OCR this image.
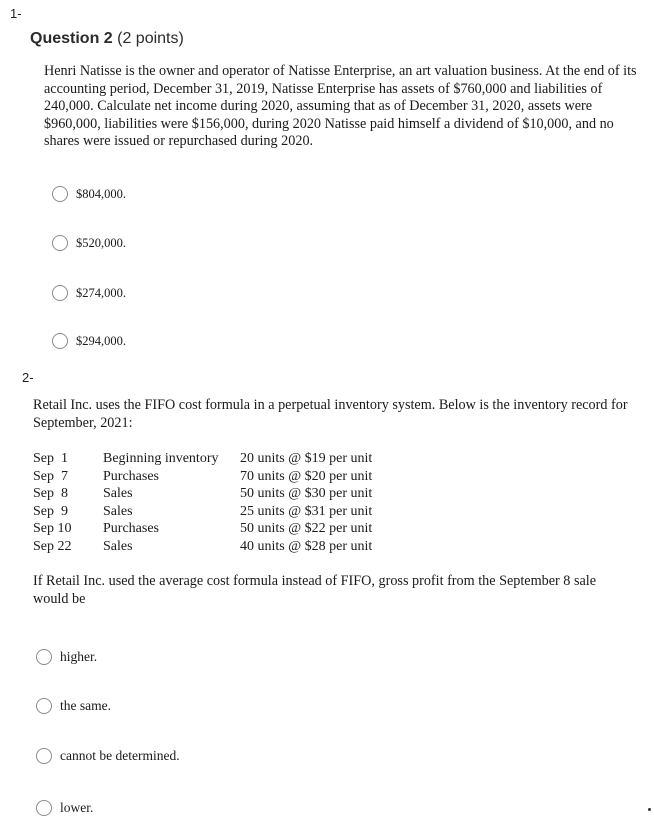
1-
Question 2 (2 points)
Henri Natisse is the owner and operator of Natisse Enterprise, an art valuation business. At the end of its accounting period, December 31, 2019, Natisse Enterprise has assets of $760,000 and liabilities of 240,000. Calculate net income during 2020, assuming that as of December 31, 2020, assets were $960,000, liabilities were $156,000, during 2020 Natisse paid himself a dividend of $10,000, and no shares were issued or repurchased during 2020.
$804,000.
$520,000.
$274,000.
$294,000.
2-
Retail Inc. uses the FIFO cost formula in a perpetual inventory system. Below is the inventory record for September, 2021:
Sep  1	Beginning inventory	20 units @ $19 per unit
Sep  7	Purchases	70 units @ $20 per unit
Sep  8	Sales	50 units @ $30 per unit
Sep  9	Sales	25 units @ $31 per unit
Sep 10	Purchases	50 units @ $22 per unit
Sep 22	Sales	40 units @ $28 per unit
If Retail Inc. used the average cost formula instead of FIFO, gross profit from the September 8 sale would be
higher.
the same.
cannot be determined.
lower.
